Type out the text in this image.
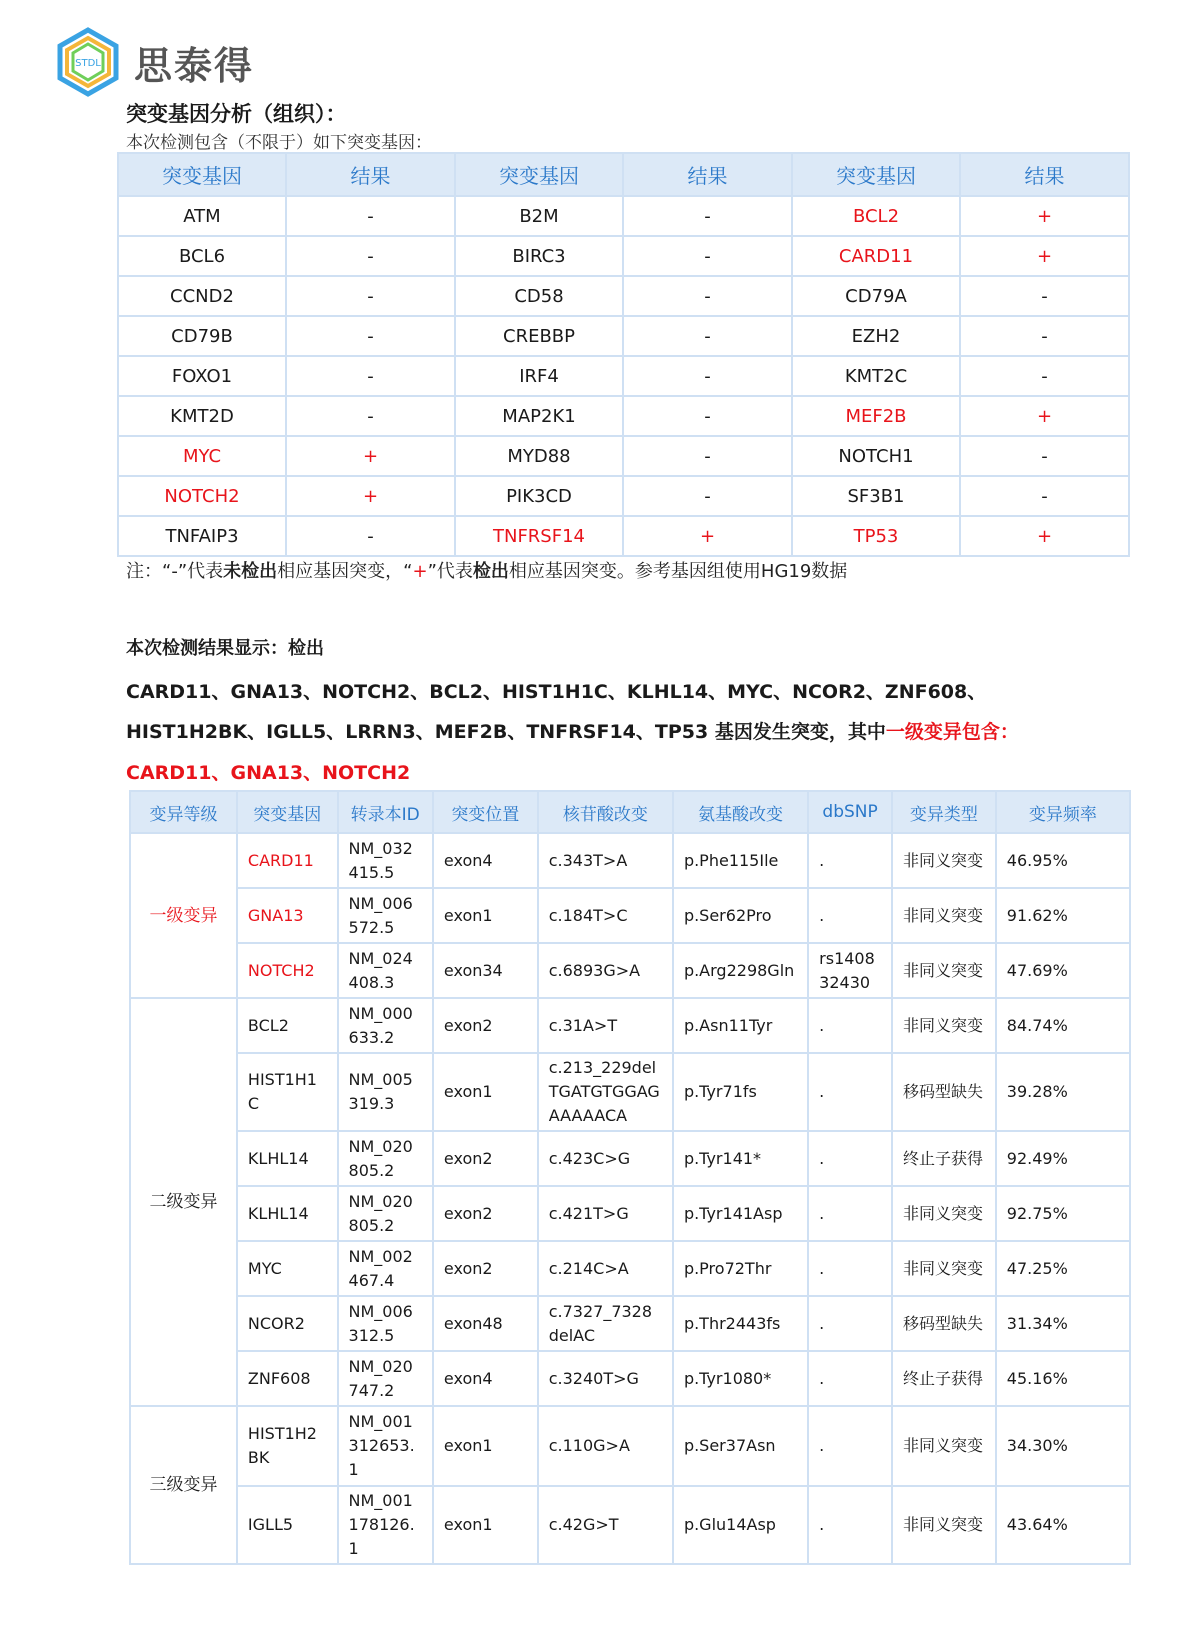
STDL 思泰得
突变基因分析（组织）：
本次检测包含（不限于）如下突变基因：
突变基因	结果	突变基因	结果	突变基因	结果
ATM	-	B2M	-	BCL2	+
BCL6	-	BIRC3	-	CARD11	+
CCND2	-	CD58	-	CD79A	-
CD79B	-	CREBBP	-	EZH2	-
FOXO1	-	IRF4	-	KMT2C	-
KMT2D	-	MAP2K1	-	MEF2B	+
MYC	+	MYD88	-	NOTCH1	-
NOTCH2	+	PIK3CD	-	SF3B1	-
TNFAIP3	-	TNFRSF14	+	TP53	+
注：“-”代表未检出相应基因突变，“+”代表检出相应基因突变。参考基因组使用HG19数据
本次检测结果显示：检出
CARD11、GNA13、NOTCH2、BCL2、HIST1H1C、KLHL14、MYC、NCOR2、ZNF608、HIST1H2BK、IGLL5、LRRN3、MEF2B、TNFRSF14、TP53 基因发生突变，其中一级变异包含：
CARD11、GNA13、NOTCH2
变异等级	突变基因	转录本ID	突变位置	核苷酸改变	氨基酸改变	dbSNP	变异类型	变异频率
一级变异	CARD11	NM_032415.5	exon4	c.343T>A	p.Phe115Ile	.	非同义突变	46.95%
	GNA13	NM_006572.5	exon1	c.184T>C	p.Ser62Pro	.	非同义突变	91.62%
	NOTCH2	NM_024408.3	exon34	c.6893G>A	p.Arg2298Gln	rs140832430	非同义突变	47.69%
二级变异	BCL2	NM_000633.2	exon2	c.31A>T	p.Asn11Tyr	.	非同义突变	84.74%
	HIST1H1C	NM_005319.3	exon1	c.213_229delTGATGTGGAGAAAAACA	p.Tyr71fs	.	移码型缺失	39.28%
	KLHL14	NM_020805.2	exon2	c.423C>G	p.Tyr141*	.	终止子获得	92.49%
	KLHL14	NM_020805.2	exon2	c.421T>G	p.Tyr141Asp	.	非同义突变	92.75%
	MYC	NM_002467.4	exon2	c.214C>A	p.Pro72Thr	.	非同义突变	47.25%
	NCOR2	NM_006312.5	exon48	c.7327_7328delAC	p.Thr2443fs	.	移码型缺失	31.34%
	ZNF608	NM_020747.2	exon4	c.3240T>G	p.Tyr1080*	.	终止子获得	45.16%
三级变异	HIST1H2BK	NM_001312653.1	exon1	c.110G>A	p.Ser37Asn	.	非同义突变	34.30%
	IGLL5	NM_001178126.1	exon1	c.42G>T	p.Glu14Asp	.	非同义突变	43.64%
